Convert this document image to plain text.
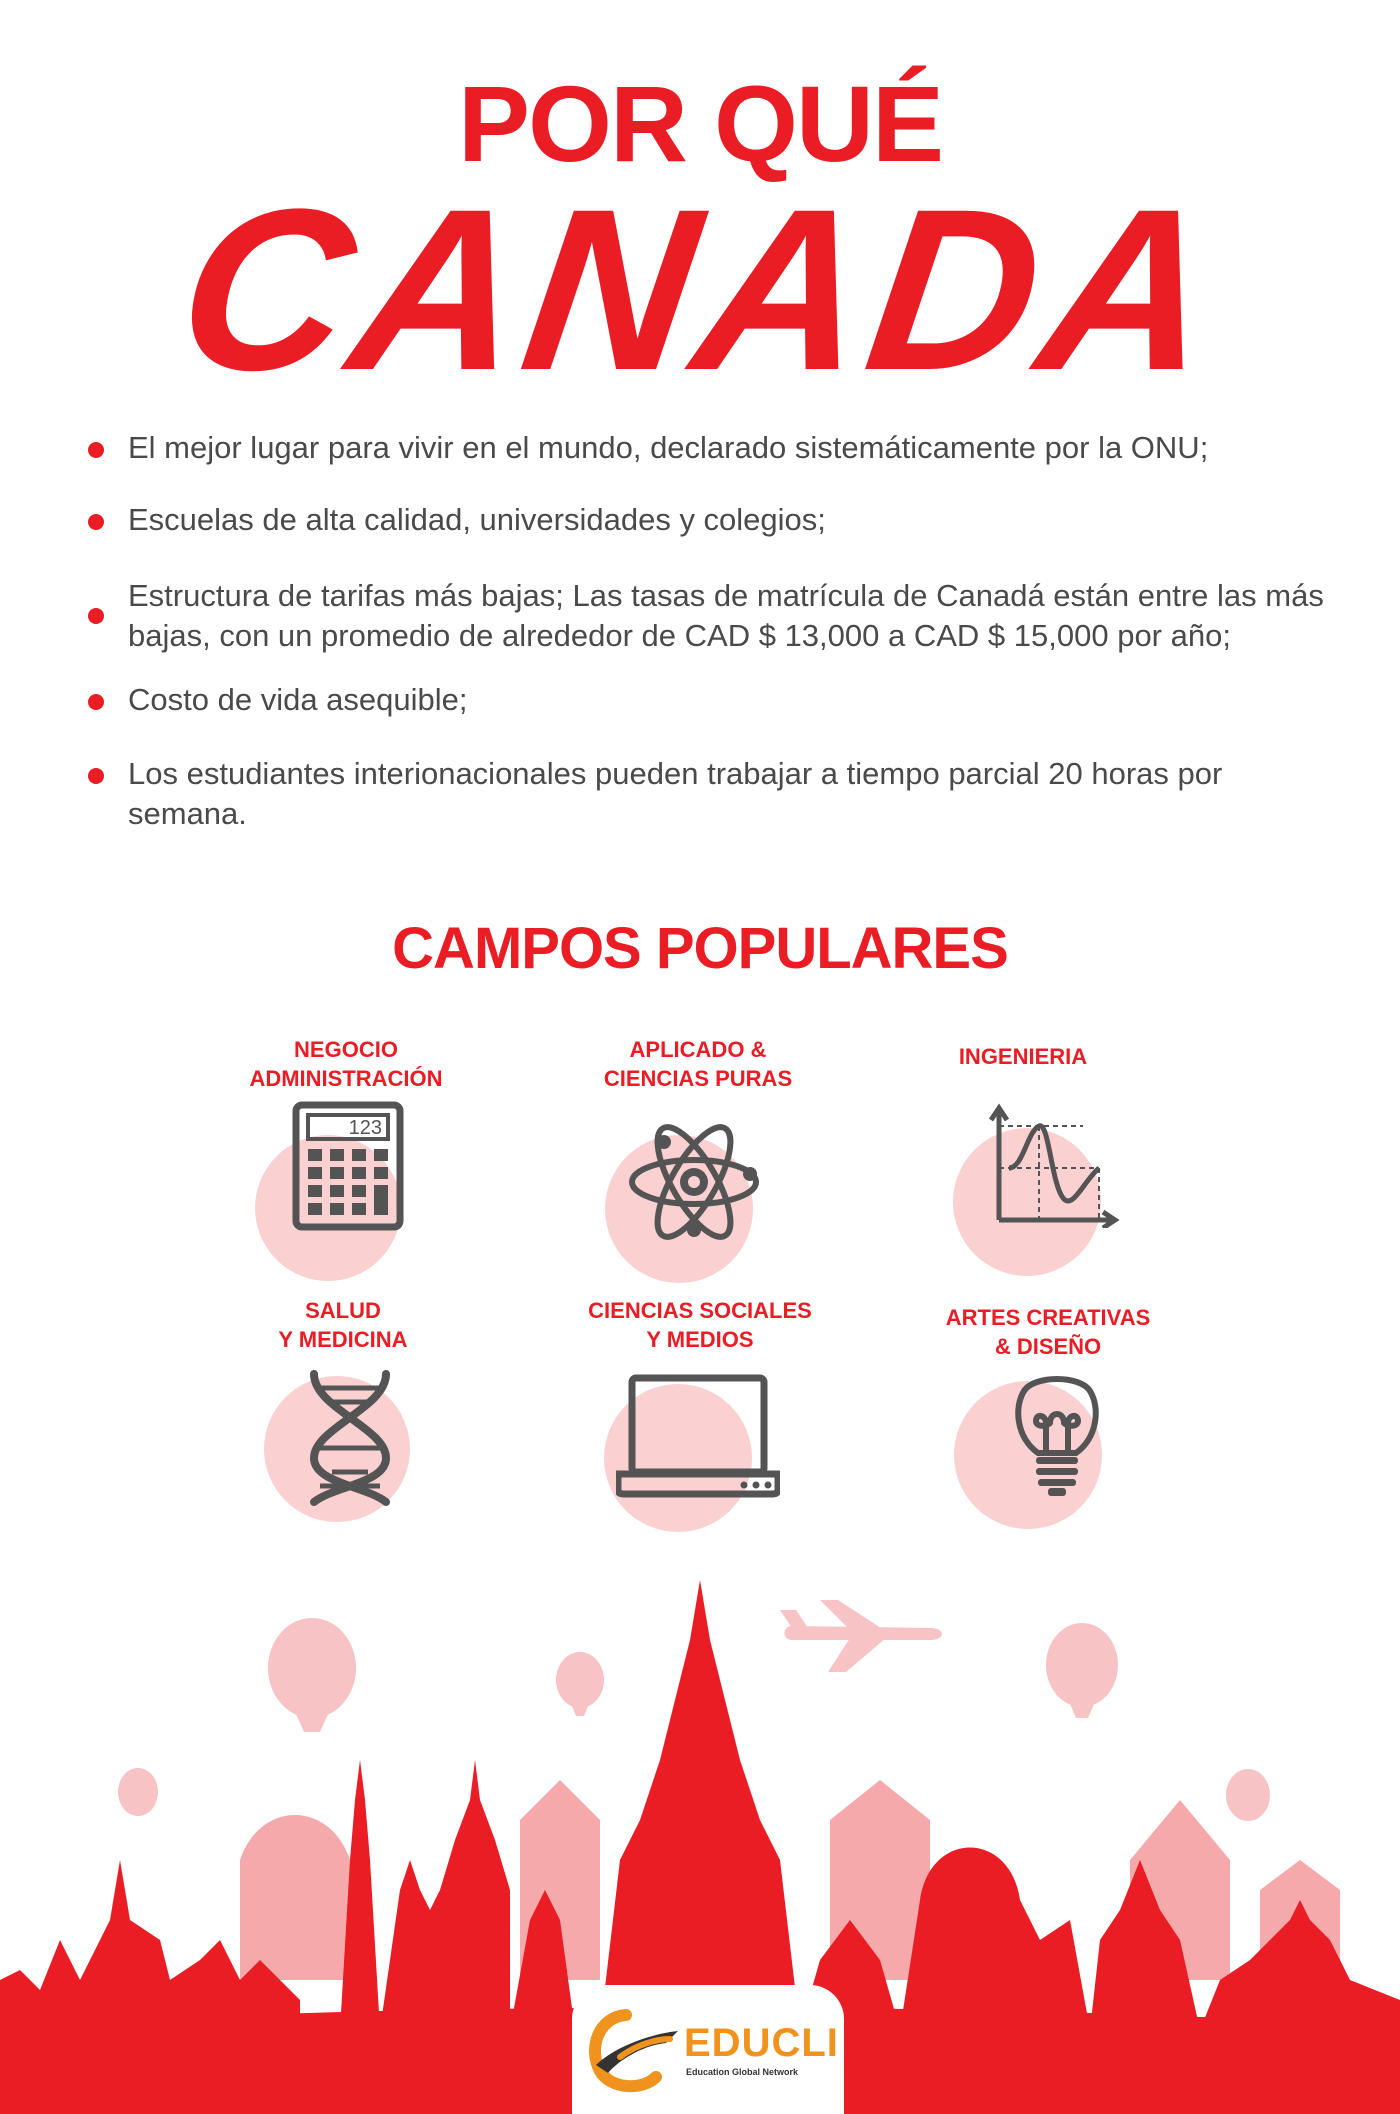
POR QUÉ
CANADA
El mejor lugar para vivir en el mundo, declarado sistemáticamente por la ONU;
Escuelas de alta calidad, universidades y colegios;
Estructura de tarifas más bajas; Las tasas de matrícula de Canadá están entre las más bajas, con un promedio de alrededor de CAD $ 13,000 a CAD $ 15,000 por año;
Costo de vida asequible;
Los estudiantes interionacionales pueden trabajar a tiempo parcial 20 horas por semana.
CAMPOS POPULARES
NEGOCIO
ADMINISTRACIÓN
123
APLICADO &
CIENCIAS PURAS
INGENIERIA
SALUD
Y MEDICINA
CIENCIAS SOCIALES
Y MEDIOS
ARTES CREATIVAS
& DISEÑO
EDUCLI
Education Global Network
